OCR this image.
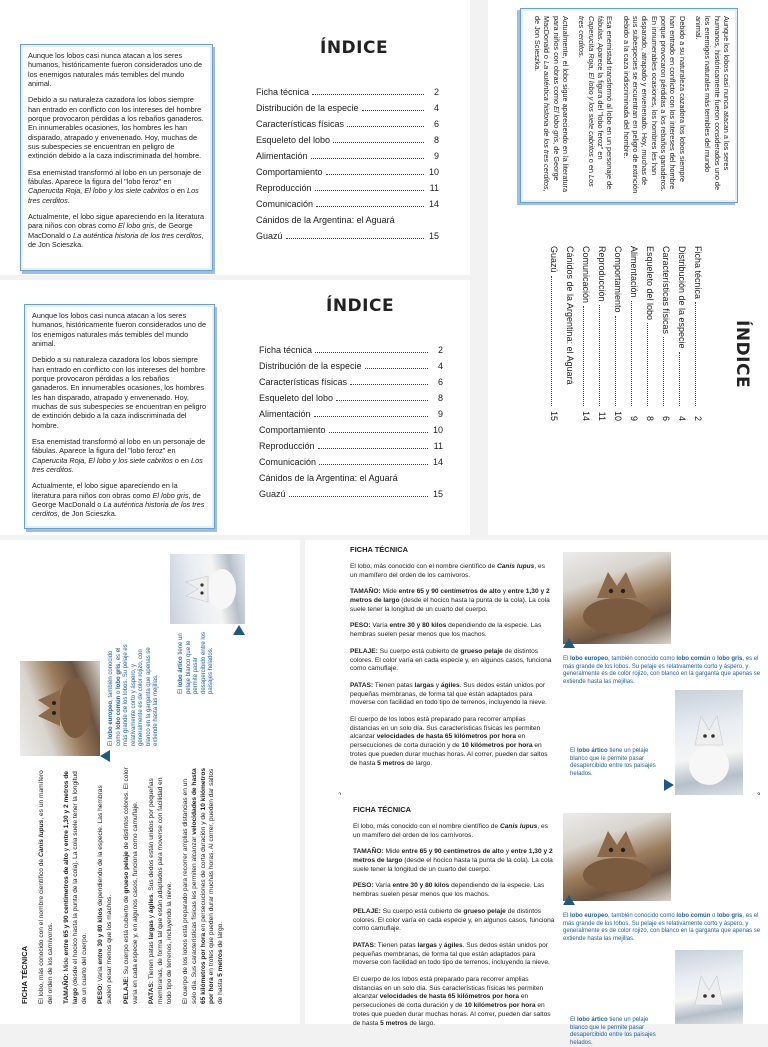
Aunque los lobos casi nunca atacan a los seres humanos, históricamente fueron considerados uno de los enemigos naturales más temibles del mundo animal.

Debido a su naturaleza cazadora los lobos siempre han entrado en conflicto con los intereses del hombre porque provocaron pérdidas a los rebaños ganaderos. En innumerables ocasiones, los hombres les han disparado, atrapado y envenenado. Hoy, muchas de sus subespecies se encuentran en peligro de extinción debido a la caza indiscriminada del hombre.

Esa enemistad transformó al lobo en un personaje de fábulas. Aparece la figura del "lobo feroz" en Caperucita Roja, El lobo y los siete cabritos o en Los tres cerditos.

Actualmente, el lobo sigue apareciendo en la literatura para niños con obras como El lobo gris, de George MacDonald o La auténtica historia de los tres cerditos, de Jon Scieszka.

ÍNDICE
Ficha técnica	2
Distribución de la especie	4
Características físicas	6
Esqueleto del lobo	8
Alimentación	9
Comportamiento	10
Reproducción	11
Comunicación	14
Cánidos de la Argentina: el Aguará
Guazú	15

Aunque los lobos casi nunca atacan a los seres humanos, históricamente fueron considerados uno de los enemigos naturales más temibles del mundo animal.

Debido a su naturaleza cazadora los lobos siempre han entrado en conflicto con los intereses del hombre porque provocaron pérdidas a los rebaños ganaderos. En innumerables ocasiones, los hombres les han disparado, atrapado y envenenado. Hoy, muchas de sus subespecies se encuentran en peligro de extinción debido a la caza indiscriminada del hombre.

Esa enemistad transformó al lobo en un personaje de fábulas. Aparece la figura del "lobo feroz" en Caperucita Roja, El lobo y los siete cabritos o en Los tres cerditos.

Actualmente, el lobo sigue apareciendo en la literatura para niños con obras como El lobo gris, de George MacDonald o La auténtica historia de los tres cerditos, de Jon Scieszka.

ÍNDICE
Ficha técnica	2
Distribución de la especie	4
Características físicas	6
Esqueleto del lobo	8
Alimentación	9
Comportamiento	10
Reproducción	11
Comunicación	14
Cánidos de la Argentina: el Aguará
Guazú	15

Aunque los lobos casi nunca atacan a los seres humanos, históricamente fueron considerados uno de los enemigos naturales más temibles del mundo animal.

Debido a su naturaleza cazadora los lobos siempre han entrado en conflicto con los intereses del hombre porque provocaron pérdidas a los rebaños ganaderos. En innumerables ocasiones, los hombres les han disparado, atrapado y envenenado. Hoy, muchas de sus subespecies se encuentran en peligro de extinción debido a la caza indiscriminada del hombre.

Esa enemistad transformó al lobo en un personaje de fábulas. Aparece la figura del "lobo feroz" en Caperucita Roja, El lobo y los siete cabritos o en Los tres cerditos.

Actualmente, el lobo sigue apareciendo en la literatura para niños con obras como El lobo gris, de George MacDonald o La auténtica historia de los tres cerditos, de Jon Scieszka.

ÍNDICE
Ficha técnica
2
Distribución de la especie
4
Características físicas
6
Esqueleto del lobo
8
Alimentación
9
Comportamiento
10
Reproducción
11
Comunicación
14
Cánidos de la Argentina: el Aguará
Guazú
15
FICHA TÉCNICA El lobo, más conocido con el nombre científico de Canis lupus, es un mamífero del orden de los carnívoros. TAMAÑO: Mide entre 65 y 90 centímetros de alto y entre 1,30 y 2 metros de largo (desde el hocico hasta la punta de la cola). La cola suele tener la longitud de un cuarto del cuerpo. PESO: Varía entre 30 y 80 kilos dependiendo de la especie. Las hembras suelen pesar menos que los machos. PELAJE: Su cuerpo está cubierto de grueso pelaje de distintos colores. El color varía en cada especie y, en algunos casos, funciona como camuflaje. PATAS: Tienen patas largas y ágiles. Sus dedos están unidos por pequeñas membranas, de forma tal que están adaptados para moverse con facilidad en todo tipo de terrenos, incluyendo la nieve. El cuerpo de los lobos está preparado para recorrer amplias distancias en un solo día. Sus características físicas les permiten alcanzar velocidades de hasta 65 kilómetros por hora en persecuciones de corta duración y de 10 kilómetros por hora en trotes que pueden durar muchas horas. Al correr, pueden dar saltos de hasta 5 metros de largo.

El lobo europeo, también conocido como lobo común o lobo gris, es el más grande de los lobos. Su pelaje es relativamente corto y áspero, y generalmente es de color rojizo, con blanco en la garganta que apenas se extiende hasta las mejillas.	El lobo ártico tiene un pelaje blanco que le permite pasar desapercibido entre los paisajes helados.
FICHA TÉCNICA

El lobo, más conocido con el nombre científico de Canis lupus, es un mamífero del orden de los carnívoros.

TAMAÑO: Mide entre 65 y 90 centímetros de alto y entre 1,30 y 2 metros de largo (desde el hocico hasta la punta de la cola). La cola suele tener la longitud de un cuarto del cuerpo.

PESO: Varía entre 30 y 80 kilos dependiendo de la especie. Las hembras suelen pesar menos que los machos.

PELAJE: Su cuerpo está cubierto de grueso pelaje de distintos colores. El color varía en cada especie y, en algunos casos, funciona como camuflaje.

PATAS: Tienen patas largas y ágiles. Sus dedos están unidos por pequeñas membranas, de forma tal que están adaptados para moverse con facilidad en todo tipo de terrenos, incluyendo la nieve.

El cuerpo de los lobos está preparado para recorrer amplias distancias en un solo día. Sus características físicas les permiten alcanzar velocidades de hasta 65 kilómetros por hora en persecuciones de corta duración y de 10 kilómetros por hora en trotes que pueden durar muchas horas. Al correr, pueden dar saltos de hasta 5 metros de largo.

El lobo europeo, también conocido como lobo común o lobo gris, es el más grande de los lobos. Su pelaje es relativamente corto y áspero, y generalmente es de color rojizo, con blanco en la garganta que apenas se extiende hasta las mejillas.
El lobo ártico tiene un pelaje blanco que le permite pasar desapercibido entre los paisajes helados.
FICHA TÉCNICA

El lobo, más conocido con el nombre científico de Canis lupus, es un mamífero del orden de los carnívoros.

TAMAÑO: Mide entre 65 y 90 centímetros de alto y entre 1,30 y 2 metros de largo (desde el hocico hasta la punta de la cola). La cola suele tener la longitud de un cuarto del cuerpo.

PESO: Varía entre 30 y 80 kilos dependiendo de la especie. Las hembras suelen pesar menos que los machos.

PELAJE: Su cuerpo está cubierto de grueso pelaje de distintos colores. El color varía en cada especie y, en algunos casos, funciona como camuflaje.

PATAS: Tienen patas largas y ágiles. Sus dedos están unidos por pequeñas membranas, de forma tal que están adaptados para moverse con facilidad en todo tipo de terrenos, incluyendo la nieve.

El cuerpo de los lobos está preparado para recorrer amplias distancias en un solo día. Sus características físicas les permiten alcanzar velocidades de hasta 65 kilómetros por hora en persecuciones de corta duración y de 10 kilómetros por hora en trotes que pueden durar muchas horas. Al correr, pueden dar saltos de hasta 5 metros de largo.

El lobo europeo, también conocido como lobo común o lobo gris, es el más grande de los lobos. Su pelaje es relativamente corto y áspero, y generalmente es de color rojizo, con blanco en la garganta que apenas se extiende hasta las mejillas.
El lobo ártico tiene un pelaje blanco que le permite pasar desapercibido entre los paisajes helados.
